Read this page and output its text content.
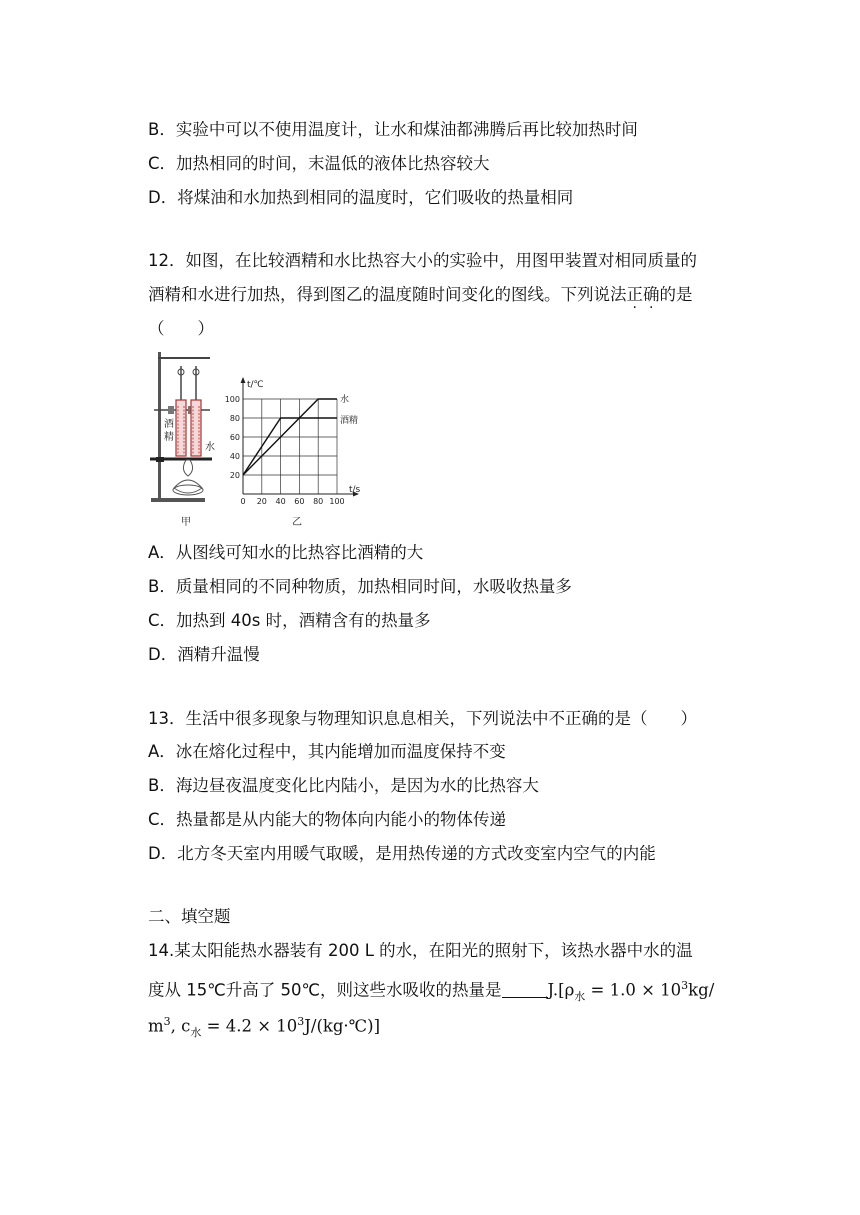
B．实验中可以不使用温度计，让水和煤油都沸腾后再比较加热时间
C．加热相同的时间，末温低的液体比热容较大
D．将煤油和水加热到相同的温度时，它们吸收的热量相同
12．如图，在比较酒精和水比热容大小的实验中，用图甲装置对相同质量的
酒精和水进行加热，得到图乙的温度随时间变化的图线。下列说法正确的是
（　　）
酒
精
水
甲
0 20 40 60 80 100
20
40
60
80
100	水
酒精
t/℃
t/s
乙
A．从图线可知水的比热容比酒精的大
B．质量相同的不同种物质，加热相同时间，水吸收热量多
C．加热到 40s 时，酒精含有的热量多
D．酒精升温慢
13．生活中很多现象与物理知识息息相关，下列说法中不正确的是（　　）
A．冰在熔化过程中，其内能增加而温度保持不变
B．海边昼夜温度变化比内陆小，是因为水的比热容大
C．热量都是从内能大的物体向内能小的物体传递
D．北方冬天室内用暖气取暖，是用热传递的方式改变室内空气的内能
二、填空题
14.某太阳能热水器装有 200 L 的水，在阳光的照射下，该热水器中水的温
度从 15℃升高了 50℃，则这些水吸收的热量是	$J.[\rho_水 = 1.0 \times 10^3kg/$
$m^3$, $c_水 = 4.2$ × $10^3J/(kg\cdot℃)$]
